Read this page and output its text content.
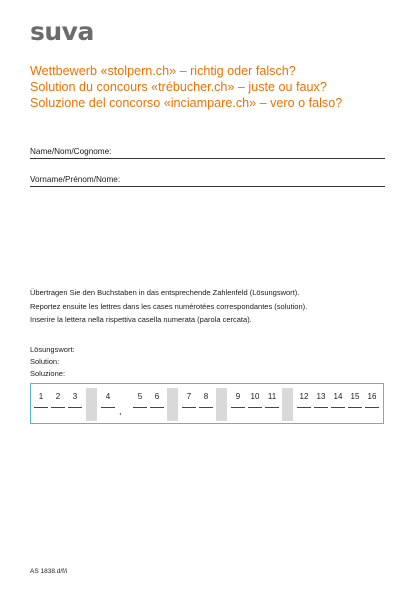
suva
Wettbewerb «stolpern.ch» – richtig oder falsch?
Solution du concours «trébucher.ch» – juste ou faux?
Soluzione del concorso «inciampare.ch» – vero o falso?
Name/Nom/Cognome:
Vorname/Prénom/Nome:
Übertragen Sie den Buchstaben in das entsprechende Zahlenfeld (Lösungswort).
Reportez ensuite les lettres dans les cases numérotées correspondantes (solution).
Inserire la lettera nella rispettiva casella numerata (parola cercata).
Lösungswort:
Solution:
Soluzione:
,
1	2	3	4	5	6	7	8	9	10	11	12	13	14	15	16
AS 1838.d/f/i
